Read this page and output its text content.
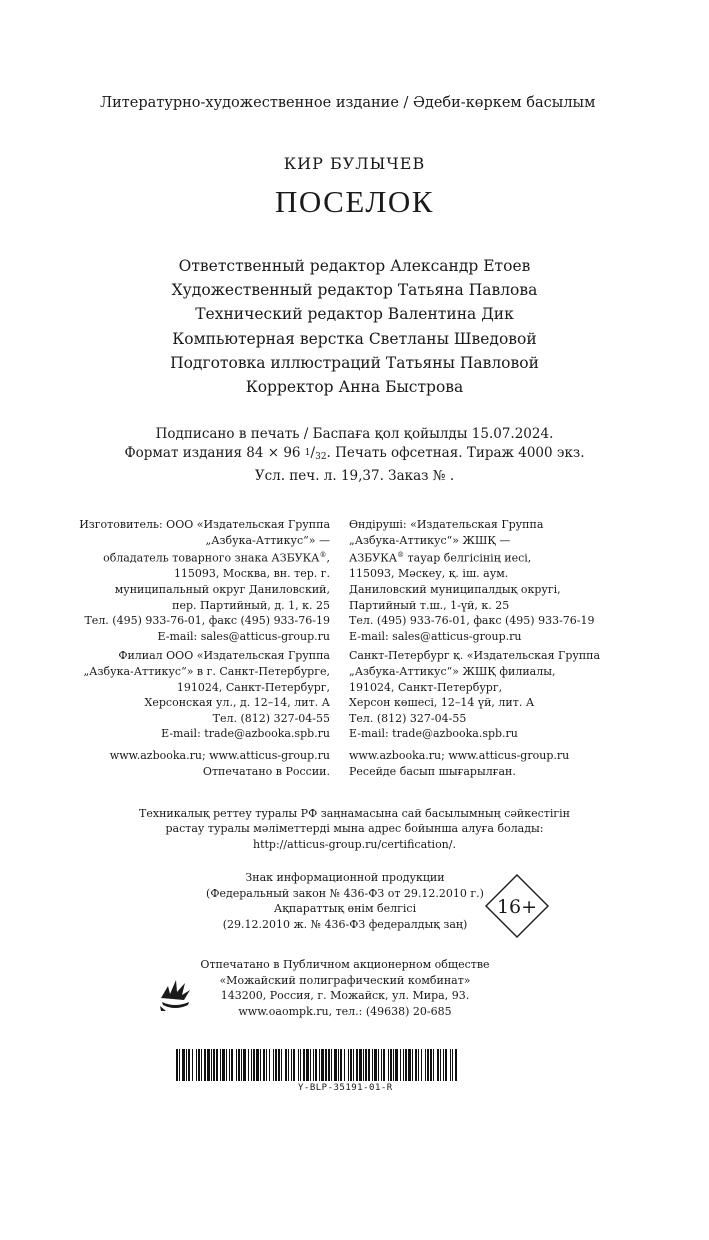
Литературно-художественное издание / Әдеби-көркем басылым
КИР БУЛЫЧЕВ
ПОСЕЛОК
Ответственный редактор Александр Етоев
Художественный редактор Татьяна Павлова
Технический редактор Валентина Дик
Компьютерная верстка Светланы Шведовой
Подготовка иллюстраций Татьяны Павловой
Корректор Анна Быстрова
Подписано в печать / Баспаға қол қойылды 15.07.2024.
Формат издания 84 × 96 $^1$/32. Печать офсетная. Тираж 4000 экз.
Усл. печ. л. 19,37. Заказ № .
Изготовитель: ООО «Издательская Группа
„Азбука-Аттикус“» —
обладатель товарного знака АЗБУКА®,
115093, Москва, вн. тер. г.
муниципальный округ Даниловский,
пер. Партийный, д. 1, к. 25
Тел. (495) 933-76-01, факс (495) 933-76-19
E-mail: sales@atticus-group.ru
Филиал ООО «Издательская Группа
„Азбука-Аттикус“» в г. Санкт-Петербурге,
191024, Санкт-Петербург,
Херсонская ул., д. 12–14, лит. А
Тел. (812) 327-04-55
E-mail: trade@azbooka.spb.ru
www.azbooka.ru; www.atticus-group.ru
Отпечатано в России.
Өндіруші: «Издательская Группа
„Азбука-Аттикус“» ЖШҚ —
АЗБУКА® тауар белгісінің иесі,
115093, Мәскеу, қ. іш. аум.
Даниловский муниципалдық округі,
Партийный т.ш., 1-үй, к. 25
Тел. (495) 933-76-01, факс (495) 933-76-19
E-mail: sales@atticus-group.ru
Санкт-Петербург қ. «Издательская Группа
„Азбука-Аттикус“» ЖШҚ филиалы,
191024, Санкт-Петербург,
Херсон көшесі, 12–14 үй, лит. А
Тел. (812) 327-04-55
E-mail: trade@azbooka.spb.ru
www.azbooka.ru; www.atticus-group.ru
Ресейде басып шығарылған.
Техникалық реттеу туралы РФ заңнамасына сай басылымның сәйкестігін
растау туралы мәліметтерді мына адрес бойынша алуға болады:
http://atticus-group.ru/certification/.
Знак информационной продукции
(Федеральный закон № 436-ФЗ от 29.12.2010 г.)
Ақпараттық өнім белгісі
(29.12.2010 ж. № 436-ФЗ федералдық заң)
16+
Отпечатано в Публичном акционерном обществе
«Можайский полиграфический комбинат»
143200, Россия, г. Можайск, ул. Мира, 93.
www.oaompk.ru, тел.: (49638) 20-685
Y-BLP-35191-01-R
